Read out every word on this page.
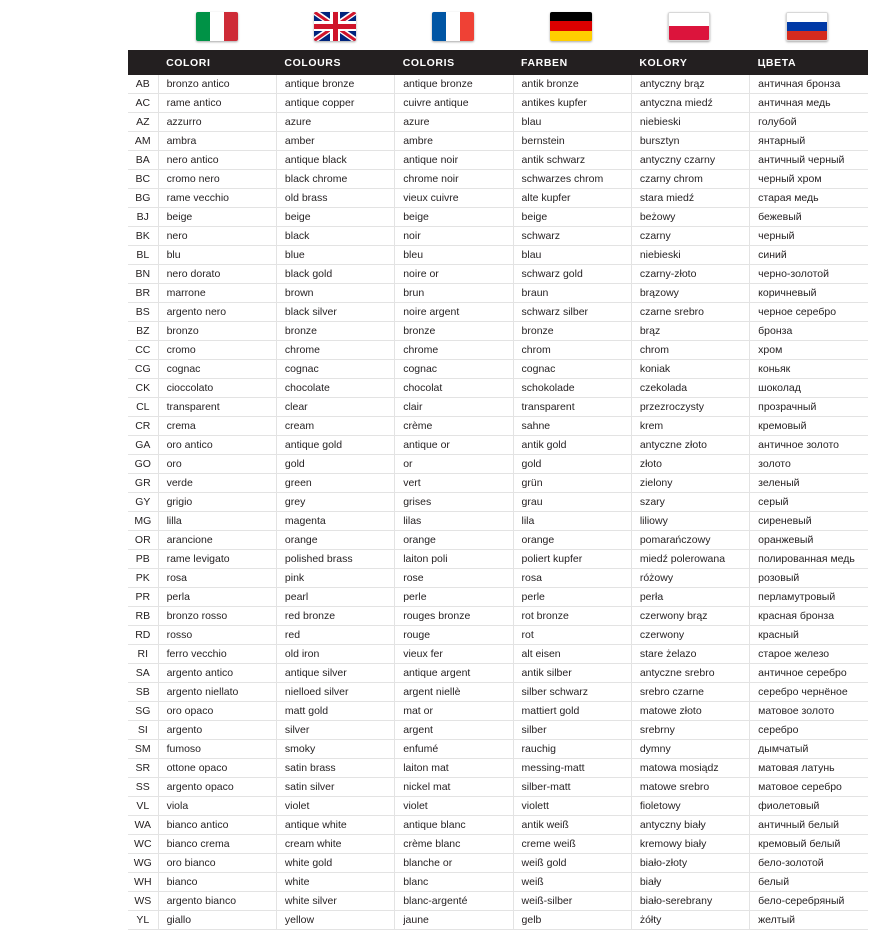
	COLORI	COLOURS	COLORIS	FARBEN	KOLORY	ЦВЕТА
AB	bronzo antico	antique bronze	antique bronze	antik bronze	antyczny brąz	античная бронза
AC	rame antico	antique copper	cuivre antique	antikes kupfer	antyczna miedź	античная медь
AZ	azzurro	azure	azure	blau	niebieski	голубой
AM	ambra	amber	ambre	bernstein	bursztyn	янтарный
BA	nero antico	antique black	antique noir	antik schwarz	antyczny czarny	античный черный
BC	cromo nero	black chrome	chrome noir	schwarzes chrom	czarny chrom	черный хром
BG	rame vecchio	old brass	vieux cuivre	alte kupfer	stara miedź	старая медь
BJ	beige	beige	beige	beige	beżowy	бежевый
BK	nero	black	noir	schwarz	czarny	черный
BL	blu	blue	bleu	blau	niebieski	синий
BN	nero dorato	black gold	noire or	schwarz gold	czarny-złoto	черно-золотой
BR	marrone	brown	brun	braun	brązowy	коричневый
BS	argento nero	black silver	noire argent	schwarz silber	czarne srebro	черное серебро
BZ	bronzo	bronze	bronze	bronze	brąz	бронза
CC	cromo	chrome	chrome	chrom	chrom	хром
CG	cognac	cognac	cognac	cognac	koniak	коньяк
CK	cioccolato	chocolate	chocolat	schokolade	czekolada	шоколад
CL	transparent	clear	clair	transparent	przezroczysty	прозрачный
CR	crema	cream	crème	sahne	krem	кремовый
GA	oro antico	antique gold	antique or	antik gold	antyczne złoto	античное золото
GO	oro	gold	or	gold	złoto	золото
GR	verde	green	vert	grün	zielony	зеленый
GY	grigio	grey	grises	grau	szary	серый
MG	lilla	magenta	lilas	lila	liliowy	сиреневый
OR	arancione	orange	orange	orange	pomarańczowy	оранжевый
PB	rame levigato	polished brass	laiton poli	poliert kupfer	miedź polerowana	полированная медь
PK	rosa	pink	rose	rosa	różowy	розовый
PR	perla	pearl	perle	perle	perła	перламутровый
RB	bronzo rosso	red bronze	rouges bronze	rot bronze	czerwony brąz	красная бронза
RD	rosso	red	rouge	rot	czerwony	красный
RI	ferro vecchio	old iron	vieux fer	alt eisen	stare żelazo	старое железо
SA	argento antico	antique silver	antique argent	antik silber	antyczne srebro	античное серебро
SB	argento niellato	nielloed silver	argent niellè	silber schwarz	srebro czarne	серебро чернёное
SG	oro opaco	matt gold	mat or	mattiert gold	matowe złoto	матовое золото
SI	argento	silver	argent	silber	srebrny	серебро
SM	fumoso	smoky	enfumé	rauchig	dymny	дымчатый
SR	ottone opaco	satin brass	laiton mat	messing-matt	matowa mosiądz	матовая латунь
SS	argento opaco	satin silver	nickel mat	silber-matt	matowe srebro	матовое серебро
VL	viola	violet	violet	violett	fioletowy	фиолетовый
WA	bianco antico	antique white	antique blanc	antik weiß	antyczny biały	античный белый
WC	bianco crema	cream white	crème blanc	creme weiß	kremowy biały	кремовый белый
WG	oro bianco	white gold	blanche or	weiß gold	biało-złoty	бело-золотой
WH	bianco	white	blanc	weiß	biały	белый
WS	argento bianco	white silver	blanc-argenté	weiß-silber	biało-serebrany	бело-серебряный
YL	giallo	yellow	jaune	gelb	żółty	желтый
